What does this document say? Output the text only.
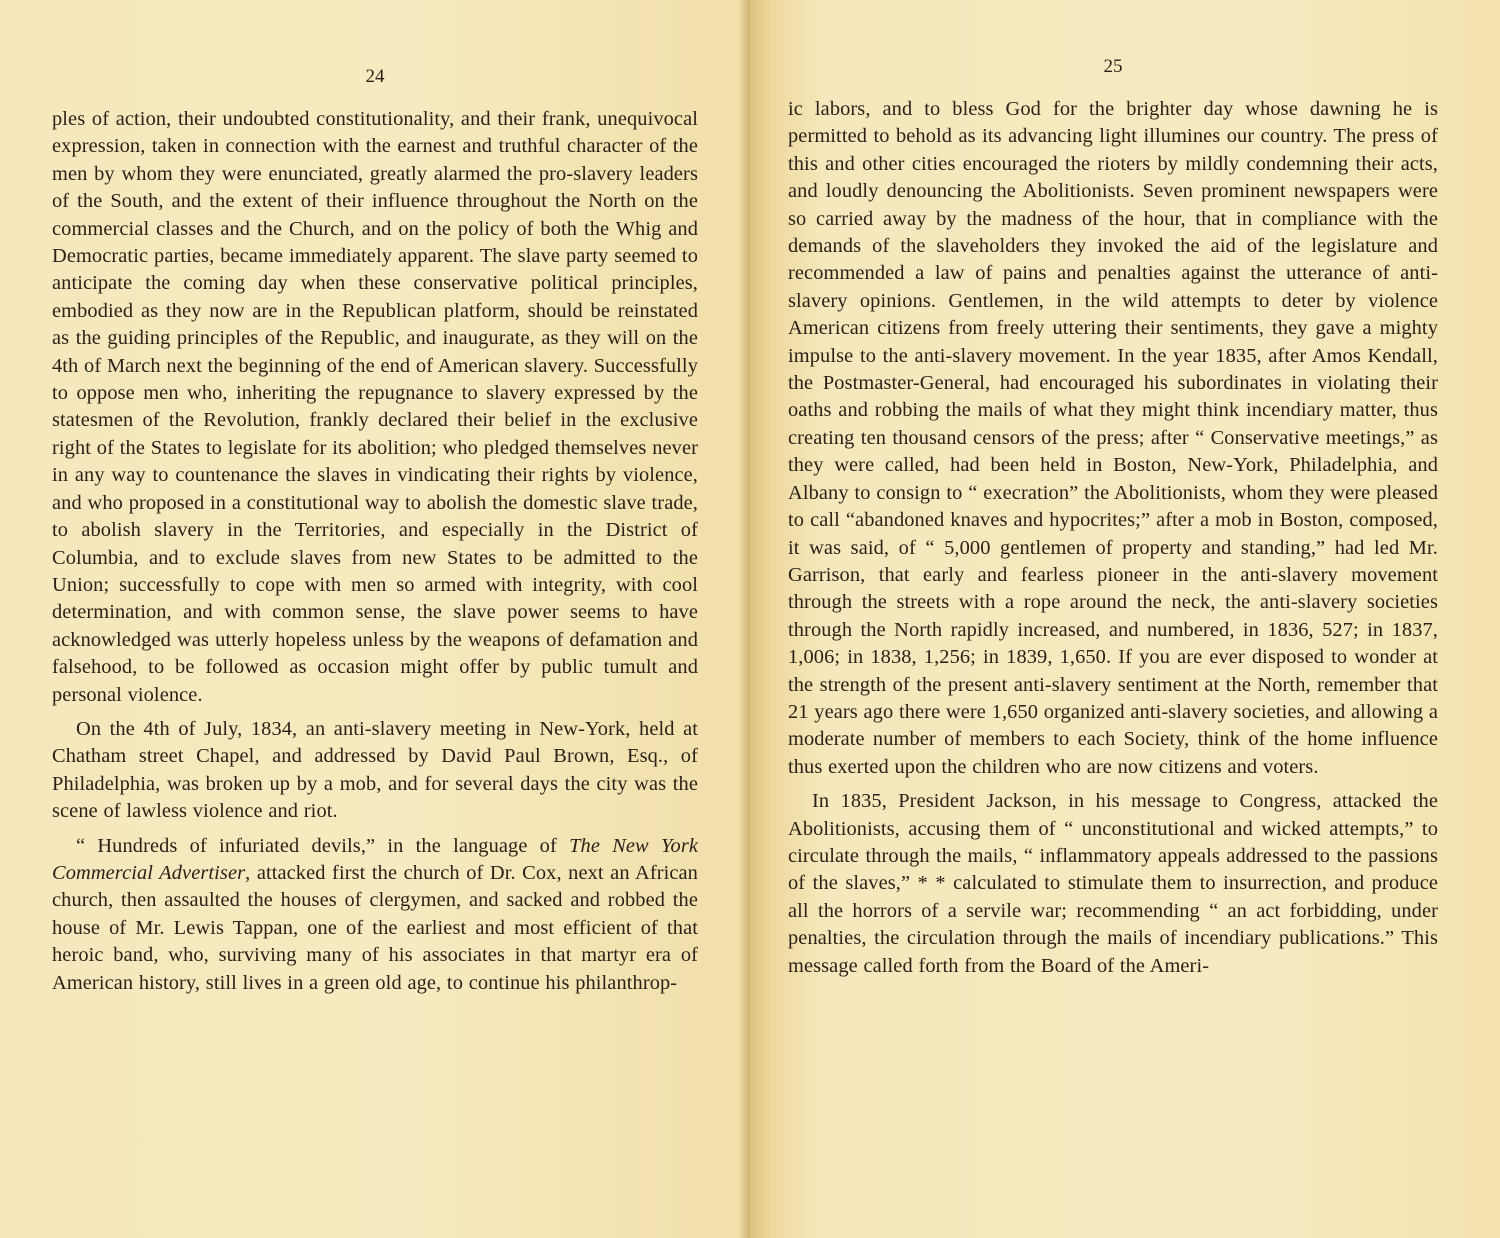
24

ples of action, their undoubted constitutionality, and their frank, unequivocal expression, taken in connection with the earnest and truthful character of the men by whom they were enunciated, greatly alarmed the pro-slavery leaders of the South, and the extent of their influence throughout the North on the commercial classes and the Church, and on the policy of both the Whig and Democratic parties, became immediately apparent. The slave party seemed to anticipate the coming day when these conservative political principles, embodied as they now are in the Republican platform, should be reinstated as the guiding principles of the Republic, and inaugurate, as they will on the 4th of March next the beginning of the end of American slavery. Successfully to oppose men who, inheriting the repugnance to slavery expressed by the statesmen of the Revolution, frankly declared their belief in the exclusive right of the States to legislate for its abolition; who pledged themselves never in any way to countenance the slaves in vindicating their rights by violence, and who proposed in a constitutional way to abolish the domestic slave trade, to abolish slavery in the Territories, and especially in the District of Columbia, and to exclude slaves from new States to be admitted to the Union; successfully to cope with men so armed with integrity, with cool determination, and with common sense, the slave power seems to have acknowledged was utterly hopeless unless by the weapons of defamation and falsehood, to be followed as occasion might offer by public tumult and personal violence.

On the 4th of July, 1834, an anti-slavery meeting in New-York, held at Chatham street Chapel, and addressed by David Paul Brown, Esq., of Philadelphia, was broken up by a mob, and for several days the city was the scene of lawless violence and riot.

“ Hundreds of infuriated devils,” in the language of The New York Commercial Advertiser, attacked first the church of Dr. Cox, next an African church, then assaulted the houses of clergymen, and sacked and robbed the house of Mr. Lewis Tappan, one of the earliest and most efficient of that heroic band, who, surviving many of his associates in that martyr era of American history, still lives in a green old age, to continue his philanthrop-

25

ic labors, and to bless God for the brighter day whose dawning he is permitted to behold as its advancing light illumines our country. The press of this and other cities encouraged the rioters by mildly condemning their acts, and loudly denouncing the Abolitionists. Seven prominent newspapers were so carried away by the madness of the hour, that in compliance with the demands of the slaveholders they invoked the aid of the legislature and recommended a law of pains and penalties against the utterance of anti-slavery opinions. Gentlemen, in the wild attempts to deter by violence American citizens from freely uttering their sentiments, they gave a mighty impulse to the anti-slavery movement. In the year 1835, after Amos Kendall, the Postmaster-General, had encouraged his subordinates in violating their oaths and robbing the mails of what they might think incendiary matter, thus creating ten thousand censors of the press; after “ Conservative meetings,” as they were called, had been held in Boston, New-York, Philadelphia, and Albany to consign to “ execration” the Abolitionists, whom they were pleased to call “abandoned knaves and hypocrites;” after a mob in Boston, composed, it was said, of “ 5,000 gentlemen of property and standing,” had led Mr. Garrison, that early and fearless pioneer in the anti-slavery movement through the streets with a rope around the neck, the anti-slavery societies through the North rapidly increased, and numbered, in 1836, 527; in 1837, 1,006; in 1838, 1,256; in 1839, 1,650. If you are ever disposed to wonder at the strength of the present anti-slavery sentiment at the North, remember that 21 years ago there were 1,650 organized anti-slavery societies, and allowing a moderate number of members to each Society, think of the home influence thus exerted upon the children who are now citizens and voters.

In 1835, President Jackson, in his message to Congress, attacked the Abolitionists, accusing them of “ unconstitutional and wicked attempts,” to circulate through the mails, “ inflammatory appeals addressed to the passions of the slaves,” * * calculated to stimulate them to insurrection, and produce all the horrors of a servile war; recommending “ an act forbidding, under penalties, the circulation through the mails of incendiary publications.” This message called forth from the Board of the Ameri-
